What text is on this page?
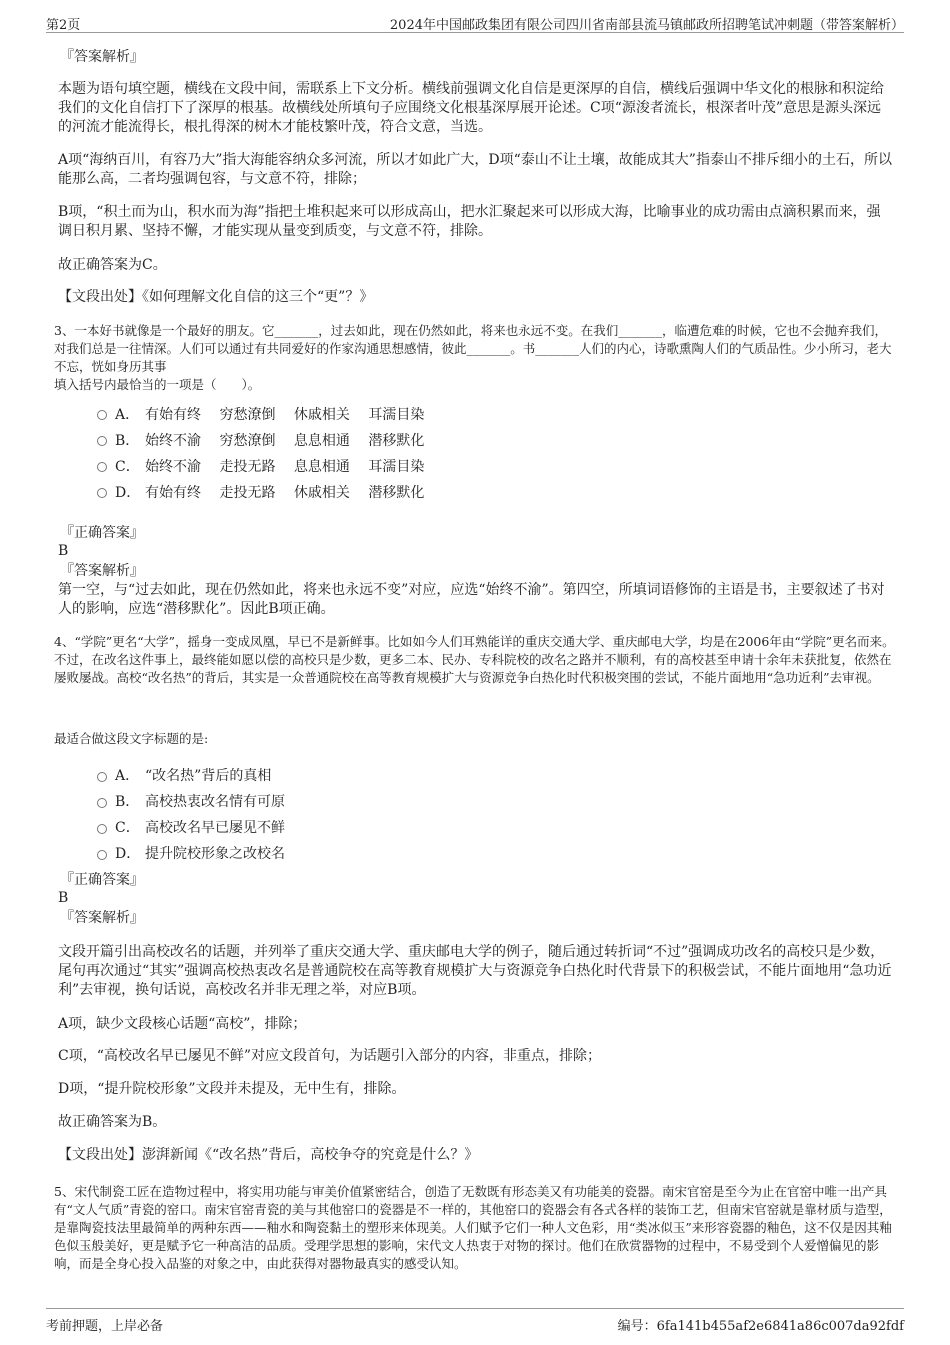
第2页	2024年中国邮政集团有限公司四川省南部县流马镇邮政所招聘笔试冲刺题（带答案解析）
『答案解析』
本题为语句填空题，横线在文段中间，需联系上下文分析。横线前强调文化自信是更深厚的自信，横线后强调中华文化的根脉和积淀给我们的文化自信打下了深厚的根基。故横线处所填句子应围绕文化根基深厚展开论述。C项“源浚者流长，根深者叶茂”意思是源头深远的河流才能流得长，根扎得深的树木才能枝繁叶茂，符合文意，当选。
A项“海纳百川，有容乃大”指大海能容纳众多河流，所以才如此广大，D项“泰山不让土壤，故能成其大”指泰山不排斥细小的土石，所以能那么高，二者均强调包容，与文意不符，排除；
B项，“积土而为山，积水而为海”指把土堆积起来可以形成高山，把水汇聚起来可以形成大海，比喻事业的成功需由点滴积累而来，强调日积月累、坚持不懈，才能实现从量变到质变，与文意不符，排除。
故正确答案为C。
【文段出处】《如何理解文化自信的这三个“更”？》
3、一本好书就像是一个最好的朋友。它_______，过去如此，现在仍然如此，将来也永远不变。在我们_______，临遭危难的时候，它也不会抛弃我们，对我们总是一往情深。人们可以通过有共同爱好的作家沟通思想感情，彼此_______。书_______人们的内心，诗歌熏陶人们的气质品性。少小所习，老大不忘，恍如身历其事
填入括号内最恰当的一项是（　　）。
A． 有始有终　 穷愁潦倒　 休戚相关　 耳濡目染
B． 始终不渝　 穷愁潦倒　 息息相通　 潜移默化
C． 始终不渝　 走投无路　 息息相通　 耳濡目染
D． 有始有终　 走投无路　 休戚相关　 潜移默化
『正确答案』
B
『答案解析』
第一空，与“过去如此，现在仍然如此，将来也永远不变”对应，应选“始终不渝”。第四空，所填词语修饰的主语是书，主要叙述了书对人的影响，应选“潜移默化”。因此B项正确。
4、“学院”更名“大学”，摇身一变成凤凰，早已不是新鲜事。比如如今人们耳熟能详的重庆交通大学、重庆邮电大学，均是在2006年由“学院”更名而来。不过，在改名这件事上，最终能如愿以偿的高校只是少数，更多二本、民办、专科院校的改名之路并不顺利，有的高校甚至申请十余年未获批复，依然在屡败屡战。高校“改名热”的背后，其实是一众普通院校在高等教育规模扩大与资源竞争白热化时代积极突围的尝试，不能片面地用“急功近利”去审视。
最适合做这段文字标题的是:
A． “改名热”背后的真相
B． 高校热衷改名情有可原
C． 高校改名早已屡见不鲜
D． 提升院校形象之改校名
『正确答案』
B
『答案解析』
文段开篇引出高校改名的话题，并列举了重庆交通大学、重庆邮电大学的例子，随后通过转折词“不过”强调成功改名的高校只是少数，尾句再次通过“其实”强调高校热衷改名是普通院校在高等教育规模扩大与资源竞争白热化时代背景下的积极尝试，不能片面地用“急功近利”去审视，换句话说，高校改名并非无理之举，对应B项。
A项，缺少文段核心话题“高校”，排除；
C项，“高校改名早已屡见不鲜”对应文段首句，为话题引入部分的内容，非重点，排除；
D项，“提升院校形象”文段并未提及，无中生有，排除。
故正确答案为B。
【文段出处】澎湃新闻《“改名热”背后，高校争夺的究竟是什么？》
5、宋代制瓷工匠在造物过程中，将实用功能与审美价值紧密结合，创造了无数既有形态美又有功能美的瓷器。南宋官窑是至今为止在官窑中唯一出产具有“文人气质”青瓷的窑口。南宋官窑青瓷的美与其他窑口的瓷器是不一样的，其他窑口的瓷器会有各式各样的装饰工艺，但南宋官窑就是靠材质与造型，是靠陶瓷技法里最简单的两种东西——釉水和陶瓷黏土的塑形来体现美。人们赋予它们一种人文色彩，用“类冰似玉”来形容瓷器的釉色，这不仅是因其釉色似玉般美好，更是赋予它一种高洁的品质。受理学思想的影响，宋代文人热衷于对物的探讨。他们在欣赏器物的过程中，不易受到个人爱憎偏见的影响，而是全身心投入品鉴的对象之中，由此获得对器物最真实的感受认知。
考前押题，上岸必备	编号：6fa141b455af2e6841a86c007da92fdf
